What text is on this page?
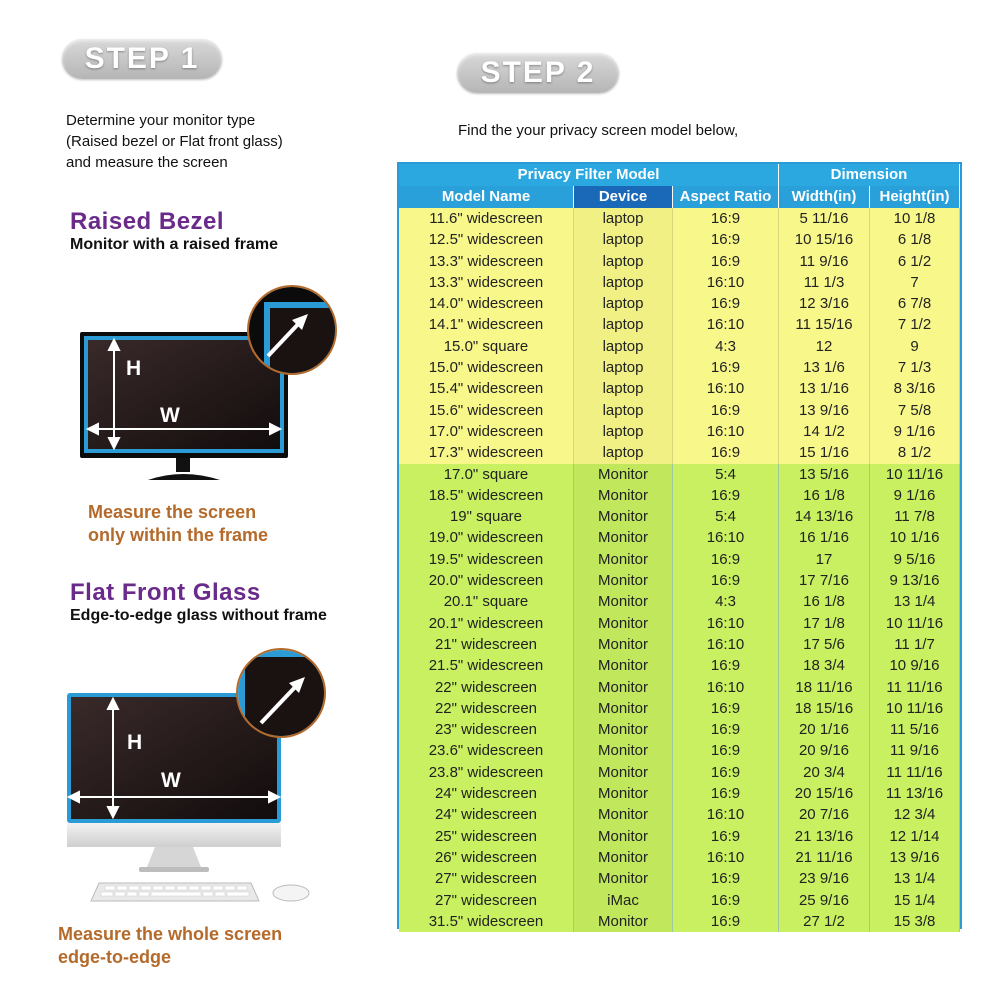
STEP 1
Determine your monitor type
(Raised bezel or Flat front glass)
and measure the screen
STEP 2
Find the your privacy screen model below,
Raised Bezel
Monitor with a raised frame
H
W
Measure the screen
only within the frame
Flat Front Glass
Edge-to-edge glass without frame
H
W
Measure the whole screen
edge-to-edge
Privacy Filter Model	Dimension
Model Name	Device	Aspect Ratio	Width(in)	Height(in)
11.6" widescreen	laptop	16:9	5 11/16	10 1/8
12.5" widescreen	laptop	16:9	10 15/16	6 1/8
13.3" widescreen	laptop	16:9	11 9/16	6 1/2
13.3" widescreen	laptop	16:10	11 1/3	7
14.0" widescreen	laptop	16:9	12 3/16	6 7/8
14.1" widescreen	laptop	16:10	11 15/16	7 1/2
15.0" square	laptop	4:3	12	9
15.0" widescreen	laptop	16:9	13 1/6	7 1/3
15.4" widescreen	laptop	16:10	13 1/16	8 3/16
15.6" widescreen	laptop	16:9	13 9/16	7 5/8
17.0" widescreen	laptop	16:10	14 1/2	9 1/16
17.3" widescreen	laptop	16:9	15 1/16	8 1/2
17.0" square	Monitor	5:4	13 5/16	10 11/16
18.5" widescreen	Monitor	16:9	16 1/8	9 1/16
19" square	Monitor	5:4	14 13/16	11 7/8
19.0" widescreen	Monitor	16:10	16 1/16	10 1/16
19.5" widescreen	Monitor	16:9	17	9 5/16
20.0" widescreen	Monitor	16:9	17 7/16	9 13/16
20.1" square	Monitor	4:3	16 1/8	13 1/4
20.1" widescreen	Monitor	16:10	17 1/8	10 11/16
21" widescreen	Monitor	16:10	17 5/6	11 1/7
21.5" widescreen	Monitor	16:9	18 3/4	10 9/16
22" widescreen	Monitor	16:10	18 11/16	11 11/16
22" widescreen	Monitor	16:9	18 15/16	10 11/16
23" widescreen	Monitor	16:9	20 1/16	11 5/16
23.6" widescreen	Monitor	16:9	20 9/16	11 9/16
23.8" widescreen	Monitor	16:9	20 3/4	11 11/16
24" widescreen	Monitor	16:9	20 15/16	11 13/16
24" widescreen	Monitor	16:10	20 7/16	12 3/4
25" widescreen	Monitor	16:9	21 13/16	12 1/14
26" widescreen	Monitor	16:10	21 11/16	13 9/16
27" widescreen	Monitor	16:9	23 9/16	13 1/4
27" widescreen	iMac	16:9	25 9/16	15 1/4
31.5" widescreen	Monitor	16:9	27 1/2	15 3/8
